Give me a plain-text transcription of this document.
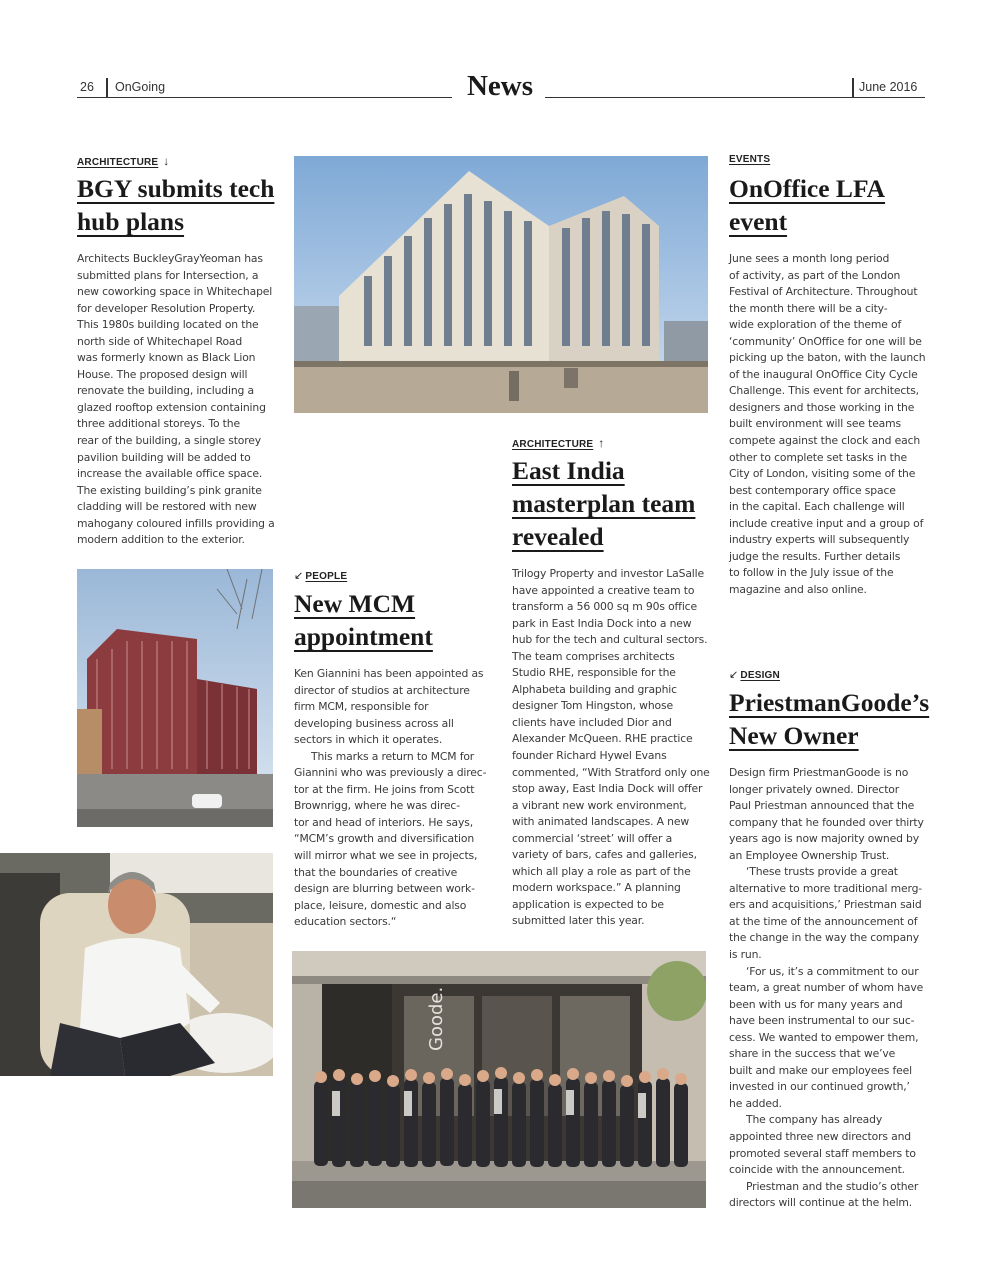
26 OnGoing	News	June 2016
ARCHITECTURE ↓
BGY submits tech
hub plans
Architects BuckleyGrayYeoman has
submitted plans for Intersection, a
new coworking space in Whitechapel
for developer Resolution Property.
This 1980s building located on the
north side of Whitechapel Road
was formerly known as Black Lion
House. The proposed design will
renovate the building, including a
glazed rooftop extension containing
three additional storeys. To the
rear of the building, a single storey
pavilion building will be added to
increase the available office space.
The existing building’s pink granite
cladding will be restored with new
mahogany coloured infills providing a
modern addition to the exterior.
EVENTS
OnOffice LFA
event
June sees a month long period
of activity, as part of the London
Festival of Architecture. Throughout
the month there will be a city-
wide exploration of the theme of
‘community’ OnOffice for one will be
picking up the baton, with the launch
of the inaugural OnOffice City Cycle
Challenge. This event for architects,
designers and those working in the
built environment will see teams
compete against the clock and each
other to complete set tasks in the
City of London, visiting some of the
best contemporary office space
in the capital. Each challenge will
include creative input and a group of
industry experts will subsequently
judge the results. Further details
to follow in the July issue of the
magazine and also online.
ARCHITECTURE ↑
East India
masterplan team
revealed
Trilogy Property and investor LaSalle
have appointed a creative team to
transform a 56 000 sq m 90s office
park in East India Dock into a new
hub for the tech and cultural sectors.
The team comprises architects
Studio RHE, responsible for the
Alphabeta building and graphic
designer Tom Hingston, whose
clients have included Dior and
Alexander McQueen. RHE practice
founder Richard Hywel Evans
commented, “With Stratford only one
stop away, East India Dock will offer
a vibrant new work environment,
with animated landscapes. A new
commercial ‘street’ will offer a
variety of bars, cafes and galleries,
which all play a role as part of the
modern workspace.” A planning
application is expected to be
submitted later this year.
↙ PEOPLE
New MCM
appointment
Ken Giannini has been appointed as
director of studios at architecture
firm MCM, responsible for
developing business across all
sectors in which it operates.
This marks a return to MCM for
Giannini who was previously a direc-
tor at the firm. He joins from Scott
Brownrigg, where he was direc-
tor and head of interiors. He says,
“MCM’s growth and diversification
will mirror what we see in projects,
that the boundaries of creative
design are blurring between work-
place, leisure, domestic and also
education sectors.“
↙ DESIGN
PriestmanGoode’s
New Owner
Design firm PriestmanGoode is no
longer privately owned. Director
Paul Priestman announced that the
company that he founded over thirty
years ago is now majority owned by
an Employee Ownership Trust.
‘These trusts provide a great
alternative to more traditional merg-
ers and acquisitions,’ Priestman said
at the time of the announcement of
the change in the way the company
is run.
‘For us, it’s a commitment to our
team, a great number of whom have
been with us for many years and
have been instrumental to our suc-
cess. We wanted to empower them,
share in the success that we’ve
built and make our employees feel
invested in our continued growth,’
he added.
The company has already
appointed three new directors and
promoted several staff members to
coincide with the announcement.
Priestman and the studio’s other
directors will continue at the helm.
Goode.
